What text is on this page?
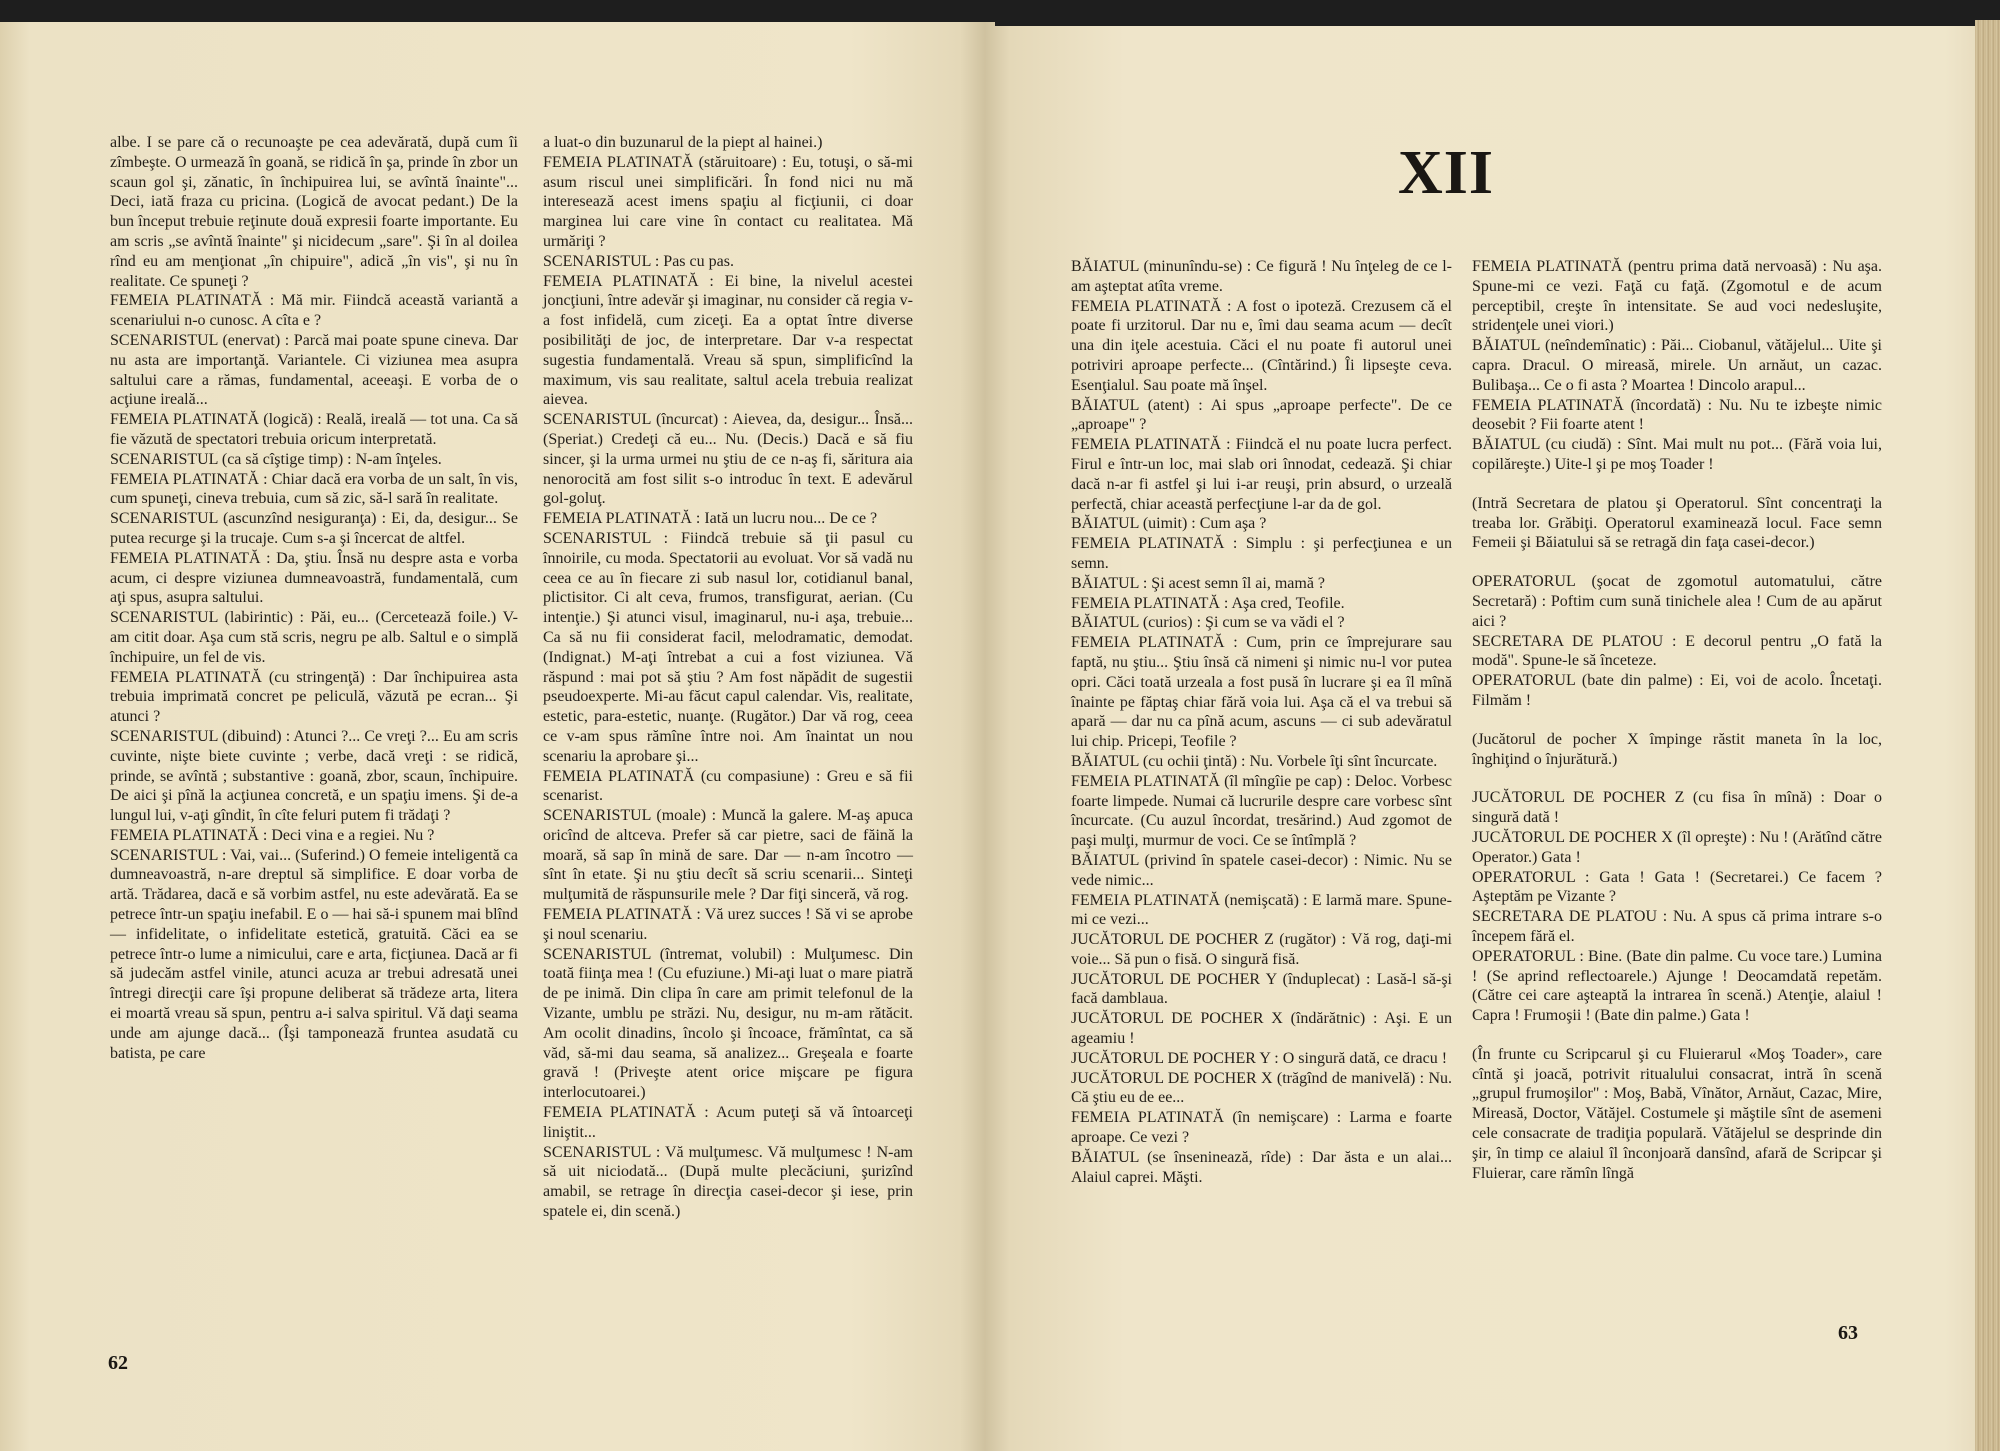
albe. I se pare că o recunoaşte pe cea adevărată, după cum îi zîmbeşte. O urmează în goană, se ridică în şa, prinde în zbor un scaun gol şi, zănatic, în închipuirea lui, se avîntă înainte"... Deci, iată fraza cu pricina. (Logică de avocat pedant.) De la bun început trebuie reţinute două expresii foarte importante. Eu am scris „se avîntă înainte" şi nicidecum „sare". Şi în al doilea rînd eu am menţionat „în chipuire", adică „în vis", şi nu în realitate. Ce spuneţi ?

FEMEIA PLATINATĂ : Mă mir. Fiindcă această variantă a scenariului n-o cunosc. A cîta e ?

SCENARISTUL (enervat) : Parcă mai poate spune cineva. Dar nu asta are importanţă. Variantele. Ci viziunea mea asupra saltului care a rămas, fundamental, aceeaşi. E vorba de o acţiune ireală...

FEMEIA PLATINATĂ (logică) : Reală, ireală — tot una. Ca să fie văzută de spectatori trebuia oricum interpretată.

SCENARISTUL (ca să cîştige timp) : N-am înţeles.

FEMEIA PLATINATĂ : Chiar dacă era vorba de un salt, în vis, cum spuneţi, cineva trebuia, cum să zic, să-l sară în realitate.

SCENARISTUL (ascunzînd nesiguranţa) : Ei, da, desigur... Se putea recurge şi la trucaje. Cum s-a şi încercat de altfel.

FEMEIA PLATINATĂ : Da, ştiu. Însă nu despre asta e vorba acum, ci despre viziunea dumneavoastră, fundamentală, cum aţi spus, asupra saltului.

SCENARISTUL (labirintic) : Păi, eu... (Cercetează foile.) V-am citit doar. Aşa cum stă scris, negru pe alb. Saltul e o simplă închipuire, un fel de vis.

FEMEIA PLATINATĂ (cu stringenţă) : Dar închipuirea asta trebuia imprimată concret pe peliculă, văzută pe ecran... Şi atunci ?

SCENARISTUL (dibuind) : Atunci ?... Ce vreţi ?... Eu am scris cuvinte, nişte biete cuvinte ; verbe, dacă vreţi : se ridică, prinde, se avîntă ; substantive : goană, zbor, scaun, închipuire. De aici şi pînă la acţiunea concretă, e un spaţiu imens. Şi de-a lungul lui, v-aţi gîndit, în cîte feluri putem fi trădaţi ?

FEMEIA PLATINATĂ : Deci vina e a regiei. Nu ?

SCENARISTUL : Vai, vai... (Suferind.) O femeie inteligentă ca dumneavoastră, n-are dreptul să simplifice. E doar vorba de artă. Trădarea, dacă e să vorbim astfel, nu este adevărată. Ea se petrece într-un spaţiu inefabil. E o — hai să-i spunem mai blînd — infidelitate, o infidelitate estetică, gratuită. Căci ea se petrece într-o lume a nimicului, care e arta, ficţiunea. Dacă ar fi să judecăm astfel vinile, atunci acuza ar trebui adresată unei întregi direcţii care îşi propune deliberat să trădeze arta, litera ei moartă vreau să spun, pentru a-i salva spiritul. Vă daţi seama unde am ajunge dacă... (Îşi tamponează fruntea asudată cu batista, pe care

a luat-o din buzunarul de la piept al hainei.)

FEMEIA PLATINATĂ (stăruitoare) : Eu, totuşi, o să-mi asum riscul unei simplificări. În fond nici nu mă interesează acest imens spaţiu al ficţiunii, ci doar marginea lui care vine în contact cu realitatea. Mă urmăriţi ?

SCENARISTUL : Pas cu pas.

FEMEIA PLATINATĂ : Ei bine, la nivelul acestei joncţiuni, între adevăr şi imaginar, nu consider că regia v-a fost infidelă, cum ziceţi. Ea a optat între diverse posibilităţi de joc, de interpretare. Dar v-a respectat sugestia fundamentală. Vreau să spun, simplificînd la maximum, vis sau realitate, saltul acela trebuia realizat aievea.

SCENARISTUL (încurcat) : Aievea, da, desigur... Însă... (Speriat.) Credeţi că eu... Nu. (Decis.) Dacă e să fiu sincer, şi la urma urmei nu ştiu de ce n-aş fi, săritura aia nenorocită am fost silit s-o introduc în text. E adevărul gol-goluţ.

FEMEIA PLATINATĂ : Iată un lucru nou... De ce ?

SCENARISTUL : Fiindcă trebuie să ţii pasul cu înnoirile, cu moda. Spectatorii au evoluat. Vor să vadă nu ceea ce au în fiecare zi sub nasul lor, cotidianul banal, plictisitor. Ci alt ceva, frumos, transfigurat, aerian. (Cu intenţie.) Şi atunci visul, imaginarul, nu-i aşa, trebuie... Ca să nu fii considerat facil, melodramatic, demodat. (Indignat.) M-aţi întrebat a cui a fost viziunea. Vă răspund : mai pot să ştiu ? Am fost năpădit de sugestii pseudoexperte. Mi-au făcut capul calendar. Vis, realitate, estetic, para-estetic, nuanţe. (Rugător.) Dar vă rog, ceea ce v-am spus rămîne între noi. Am înaintat un nou scenariu la aprobare şi...

FEMEIA PLATINATĂ (cu compasiune) : Greu e să fii scenarist.

SCENARISTUL (moale) : Muncă la galere. M-aş apuca oricînd de altceva. Prefer să car pietre, saci de făină la moară, să sap în mină de sare. Dar — n-am încotro — sînt în etate. Şi nu ştiu decît să scriu scenarii... Sinteţi mulţumită de răspunsurile mele ? Dar fiţi sinceră, vă rog.

FEMEIA PLATINATĂ : Vă urez succes ! Să vi se aprobe şi noul scenariu.

SCENARISTUL (întremat, volubil) : Mulţumesc. Din toată fiinţa mea ! (Cu efuziune.) Mi-aţi luat o mare piatră de pe inimă. Din clipa în care am primit telefonul de la Vizante, umblu pe străzi. Nu, desigur, nu m-am rătăcit. Am ocolit dinadins, încolo şi încoace, frămîntat, ca să văd, să-mi dau seama, să analizez... Greşeala e foarte gravă ! (Priveşte atent orice mişcare pe figura interlocutoarei.)

FEMEIA PLATINATĂ : Acum puteţi să vă întoarceţi liniştit...

SCENARISTUL : Vă mulţumesc. Vă mulţumesc ! N-am să uit niciodată... (După multe plecăciuni, şurizînd amabil, se retrage în direcţia casei-decor şi iese, prin spatele ei, din scenă.)

62

BĂIATUL (minunîndu-se) : Ce figură ! Nu înţeleg de ce l-am aşteptat atîta vreme.

FEMEIA PLATINATĂ : A fost o ipoteză. Crezusem că el poate fi urzitorul. Dar nu e, îmi dau seama acum — decît una din iţele acestuia. Căci el nu poate fi autorul unei potriviri aproape perfecte... (Cîntărind.) Îi lipseşte ceva. Esenţialul. Sau poate mă înşel.

BĂIATUL (atent) : Ai spus „aproape perfecte". De ce „aproape" ?

FEMEIA PLATINATĂ : Fiindcă el nu poate lucra perfect. Firul e într-un loc, mai slab ori înnodat, cedează. Şi chiar dacă n-ar fi astfel şi lui i-ar reuşi, prin absurd, o urzeală perfectă, chiar această perfecţiune l-ar da de gol.

BĂIATUL (uimit) : Cum aşa ?

FEMEIA PLATINATĂ : Simplu : şi perfecţiunea e un semn.

BĂIATUL : Şi acest semn îl ai, mamă ?

FEMEIA PLATINATĂ : Aşa cred, Teofile.

BĂIATUL (curios) : Şi cum se va vădi el ?

FEMEIA PLATINATĂ : Cum, prin ce împrejurare sau faptă, nu ştiu... Ştiu însă că nimeni şi nimic nu-l vor putea opri. Căci toată urzeala a fost pusă în lucrare şi ea îl mînă înainte pe făptaş chiar fără voia lui. Aşa că el va trebui să apară — dar nu ca pînă acum, ascuns — ci sub adevăratul lui chip. Pricepi, Teofile ?

BĂIATUL (cu ochii ţintă) : Nu. Vorbele îţi sînt încurcate.

FEMEIA PLATINATĂ (îl mîngîie pe cap) : Deloc. Vorbesc foarte limpede. Numai că lucrurile despre care vorbesc sînt încurcate. (Cu auzul încordat, tresărind.) Aud zgomot de paşi mulţi, murmur de voci. Ce se întîmplă ?

BĂIATUL (privind în spatele casei-decor) : Nimic. Nu se vede nimic...

FEMEIA PLATINATĂ (nemişcată) : E larmă mare. Spune-mi ce vezi...

JUCĂTORUL DE POCHER Z (rugător) : Vă rog, daţi-mi voie... Să pun o fisă. O singură fisă.

JUCĂTORUL DE POCHER Y (înduplecat) : Lasă-l să-şi facă damblaua.

JUCĂTORUL DE POCHER X (îndărătnic) : Aşi. E un ageamiu !

JUCĂTORUL DE POCHER Y : O singură dată, ce dracu !

JUCĂTORUL DE POCHER X (trăgînd de manivelă) : Nu. Că ştiu eu de ee...

FEMEIA PLATINATĂ (în nemişcare) : Larma e foarte aproape. Ce vezi ?

BĂIATUL (se înseninează, rîde) : Dar ăsta e un alai... Alaiul caprei. Măşti.

FEMEIA PLATINATĂ (pentru prima dată nervoasă) : Nu aşa. Spune-mi ce vezi. Faţă cu faţă. (Zgomotul e de acum perceptibil, creşte în intensitate. Se aud voci nedesluşite, stridenţele unei viori.)

BĂIATUL (neîndemînatic) : Păi... Ciobanul, vătăjelul... Uite şi capra. Dracul. O mireasă, mirele. Un arnăut, un cazac. Bulibaşa... Ce o fi asta ? Moartea ! Dincolo arapul...

FEMEIA PLATINATĂ (încordată) : Nu. Nu te izbeşte nimic deosebit ? Fii foarte atent !

BĂIATUL (cu ciudă) : Sînt. Mai mult nu pot... (Fără voia lui, copilăreşte.) Uite-l şi pe moş Toader !

(Intră Secretara de platou şi Operatorul. Sînt concentraţi la treaba lor. Grăbiţi. Operatorul examinează locul. Face semn Femeii şi Băiatului să se retragă din faţa casei-decor.)

OPERATORUL (şocat de zgomotul automatului, către Secretară) : Poftim cum sună tinichele alea ! Cum de au apărut aici ?

SECRETARA DE PLATOU : E decorul pentru „O fată la modă". Spune-le să înceteze.

OPERATORUL (bate din palme) : Ei, voi de acolo. Încetaţi. Filmăm !

(Jucătorul de pocher X împinge răstit maneta în la loc, înghiţind o înjurătură.)

JUCĂTORUL DE POCHER Z (cu fisa în mînă) : Doar o singură dată !

JUCĂTORUL DE POCHER X (îl opreşte) : Nu ! (Arătînd către Operator.) Gata !

OPERATORUL : Gata ! Gata ! (Secretarei.) Ce facem ? Aşteptăm pe Vizante ?

SECRETARA DE PLATOU : Nu. A spus că prima intrare s-o începem fără el.

OPERATORUL : Bine. (Bate din palme. Cu voce tare.) Lumina ! (Se aprind reflectoarele.) Ajunge ! Deocamdată repetăm. (Către cei care aşteaptă la intrarea în scenă.) Atenţie, alaiul ! Capra ! Frumoşii ! (Bate din palme.) Gata !

(În frunte cu Scripcarul şi cu Fluierarul «Moş Toader», care cîntă şi joacă, potrivit ritualului consacrat, intră în scenă „grupul frumoşilor" : Moş, Babă, Vînător, Arnăut, Cazac, Mire, Mireasă, Doctor, Vătăjel. Costumele şi măştile sînt de asemeni cele consacrate de tradiţia populară. Vătăjelul se desprinde din şir, în timp ce alaiul îl înconjoară dansînd, afară de Scripcar şi Fluierar, care rămîn lîngă

XII
63
